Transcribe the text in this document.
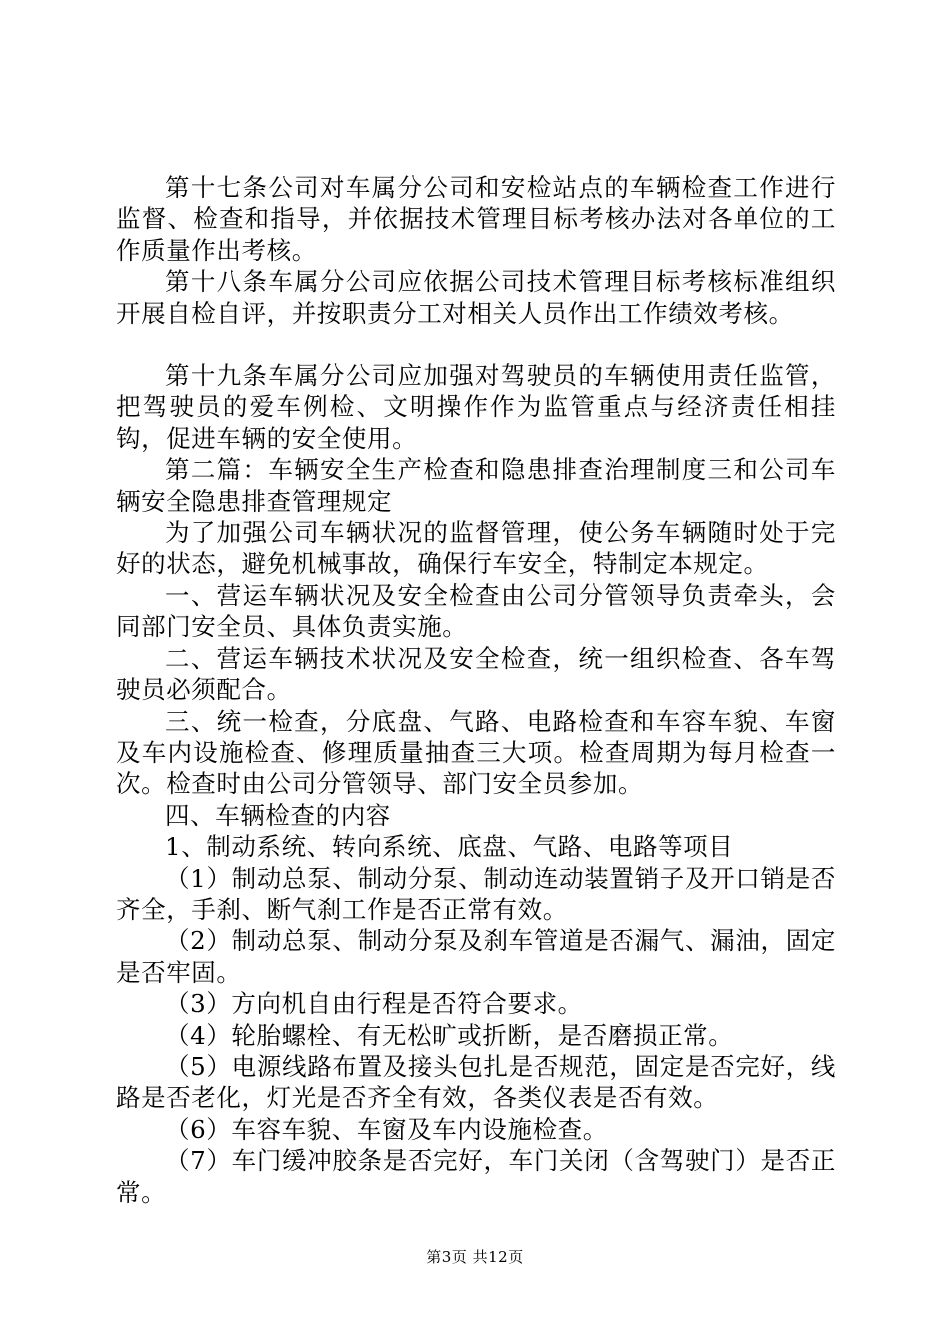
第十七条公司对车属分公司和安检站点的车辆检查工作进行监督、检查和指导，并依据技术管理目标考核办法对各单位的工作质量作出考核。

第十八条车属分公司应依据公司技术管理目标考核标准组织开展自检自评，并按职责分工对相关人员作出工作绩效考核。

第十九条车属分公司应加强对驾驶员的车辆使用责任监管，把驾驶员的爱车例检、文明操作作为监管重点与经济责任相挂钩，促进车辆的安全使用。

第二篇：车辆安全生产检查和隐患排查治理制度三和公司车辆安全隐患排查管理规定

为了加强公司车辆状况的监督管理，使公务车辆随时处于完好的状态，避免机械事故，确保行车安全，特制定本规定。

一、营运车辆状况及安全检查由公司分管领导负责牵头，会同部门安全员、具体负责实施。

二、营运车辆技术状况及安全检查，统一组织检查、各车驾驶员必须配合。

三、统一检查，分底盘、气路、电路检查和车容车貌、车窗及车内设施检查、修理质量抽查三大项。检查周期为每月检查一次。检查时由公司分管领导、部门安全员参加。

四、车辆检查的内容

1、制动系统、转向系统、底盘、气路、电路等项目

（1）制动总泵、制动分泵、制动连动装置销子及开口销是否齐全，手刹、断气刹工作是否正常有效。

（2）制动总泵、制动分泵及刹车管道是否漏气、漏油，固定是否牢固。

（3）方向机自由行程是否符合要求。

（4）轮胎螺栓、有无松旷或折断，是否磨损正常。

（5）电源线路布置及接头包扎是否规范，固定是否完好，线路是否老化，灯光是否齐全有效，各类仪表是否有效。

（6）车容车貌、车窗及车内设施检查。

（7）车门缓冲胶条是否完好，车门关闭（含驾驶门）是否正常。

第3页 共12页
